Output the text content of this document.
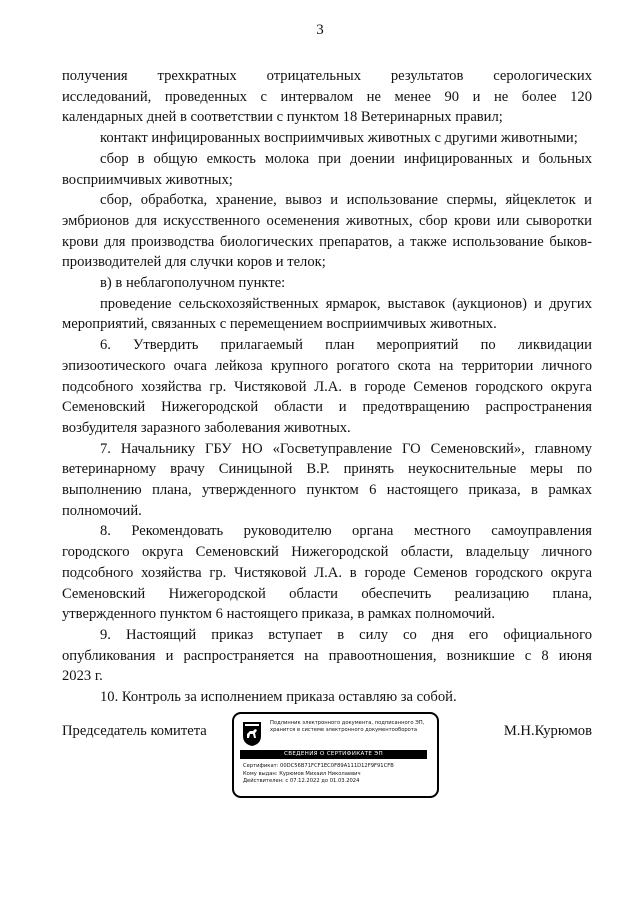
3

получения трехкратных отрицательных результатов серологических

исследований, проведенных с интервалом не менее 90 и не более 120

календарных дней в соответствии с пунктом 18 Ветеринарных правил;

контакт инфицированных восприимчивых животных с другими животными;

сбор в общую емкость молока при доении инфицированных и больных

восприимчивых животных;

сбор, обработка, хранение, вывоз и использование спермы, яйцеклеток и

эмбрионов для искусственного осеменения животных, сбор крови или сыворотки

крови для производства биологических препаратов, а также использование быков-

производителей для случки коров и телок;

в) в неблагополучном пункте:

проведение сельскохозяйственных ярмарок, выставок (аукционов) и других

мероприятий, связанных с перемещением восприимчивых животных.

6. Утвердить прилагаемый план мероприятий по ликвидации

эпизоотического очага лейкоза крупного рогатого скота на территории личного

подсобного хозяйства гр. Чистяковой Л.А. в городе Семенов городского округа

Семеновский Нижегородской области и предотвращению распространения

возбудителя заразного заболевания животных.

7. Начальнику ГБУ НО «Госветуправление ГО Семеновский», главному

ветеринарному врачу Синицыной В.Р. принять неукоснительные меры по

выполнению плана, утвержденного пунктом 6 настоящего приказа, в рамках

полномочий.

8. Рекомендовать руководителю органа местного самоуправления

городского округа Семеновский Нижегородской области, владельцу личного

подсобного хозяйства гр. Чистяковой Л.А. в городе Семенов городского округа

Семеновский Нижегородской области обеспечить реализацию плана,

утвержденного пунктом 6 настоящего приказа, в рамках полномочий.

9. Настоящий приказ вступает в силу со дня его официального

опубликования и распространяется на правоотношения, возникшие с 8 июня

2023 г.

10. Контроль за исполнением приказа оставляю за собой.

Председатель комитета	М.Н.Курюмов
Подлинник электронного документа, подписанного ЭП, хранится в системе электронного документооборота
СВЕДЕНИЯ О СЕРТИФИКАТЕ ЭП
Сертификат: 00DC56B71FCF1EC0F89A111D12F9F91CFB
Кому выдан: Курюмов Михаил Николаевич
Действителен: с 07.12.2022 до 01.03.2024
